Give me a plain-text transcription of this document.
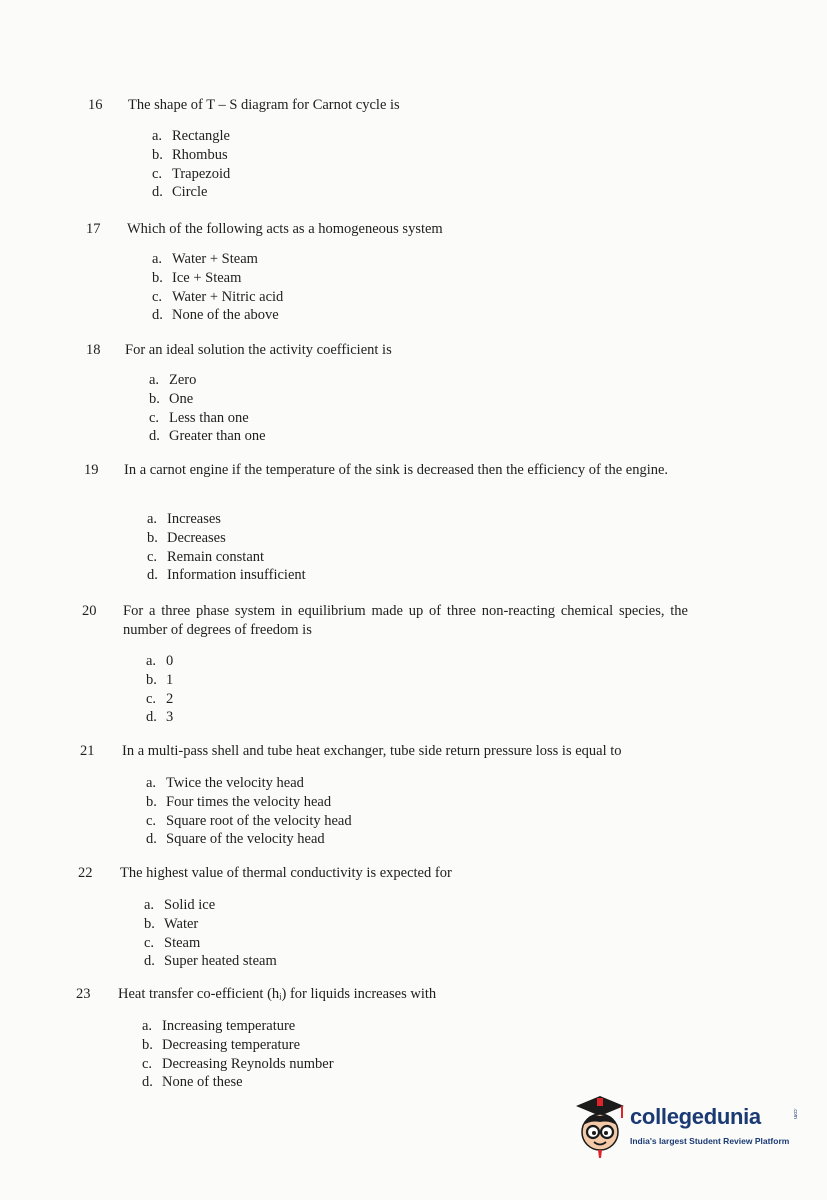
16	The shape of T – S diagram for Carnot cycle is
a. Rectangle
b. Rhombus
c. Trapezoid
d. Circle
17	Which of the following acts as a homogeneous system
a. Water + Steam
b. Ice + Steam
c. Water + Nitric acid
d. None of the above
18	For an ideal solution the activity coefficient is
a. Zero
b. One
c. Less than one
d. Greater than one
19	In a carnot engine if the temperature of the sink is decreased then the efficiency of the engine.
a. Increases
b. Decreases
c. Remain constant
d. Information insufficient
20	For a three phase system in equilibrium made up of three non-reacting chemical species, the number of degrees of freedom is
a. 0
b. 1
c. 2
d. 3
21	In a multi-pass shell and tube heat exchanger, tube side return pressure loss is equal to
a. Twice the velocity head
b. Four times the velocity head
c. Square root of the velocity head
d. Square of the velocity head
22	The highest value of thermal conductivity is expected for
a. Solid ice
b. Water
c. Steam
d. Super heated steam
23	Heat transfer co-efficient (hᵢ) for liquids increases with
a. Increasing temperature
b. Decreasing temperature
c. Decreasing Reynolds number
d. None of these
collegedunia	.com
India's largest Student Review Platform
